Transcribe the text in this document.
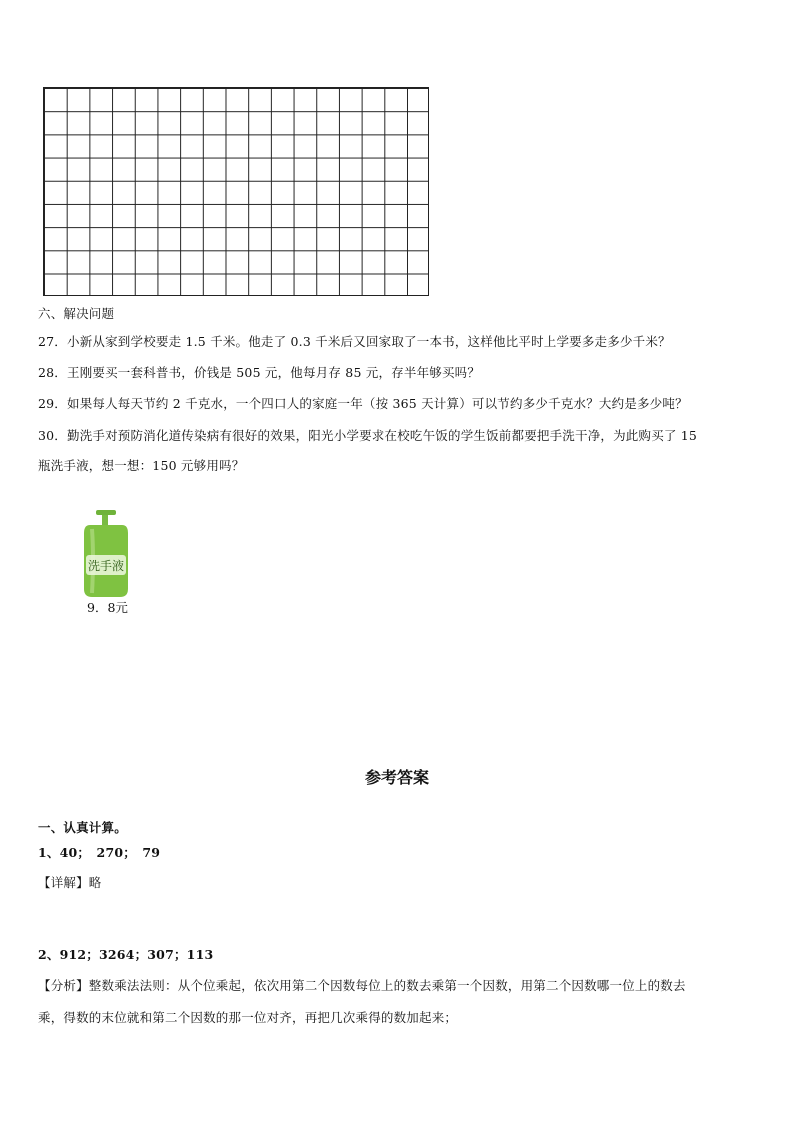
六、解决问题
27．小新从家到学校要走 1.5 千米。他走了 0.3 千米后又回家取了一本书，这样他比平时上学要多走多少千米？
28．王刚要买一套科普书，价钱是 505 元，他每月存 85 元，存半年够买吗？
29．如果每人每天节约 2 千克水，一个四口人的家庭一年（按 365 天计算）可以节约多少千克水？大约是多少吨？
30．勤洗手对预防消化道传染病有很好的效果，阳光小学要求在校吃午饭的学生饭前都要把手洗干净，为此购买了 15
瓶洗手液，想一想：150 元够用吗？
洗手液
9．8元
参考答案
一、认真计算。
1、40；　270；　79
【详解】略
2、912；3264；307；113
【分析】整数乘法法则：从个位乘起，依次用第二个因数每位上的数去乘第一个因数，用第二个因数哪一位上的数去
乘，得数的末位就和第二个因数的那一位对齐，再把几次乘得的数加起来；
